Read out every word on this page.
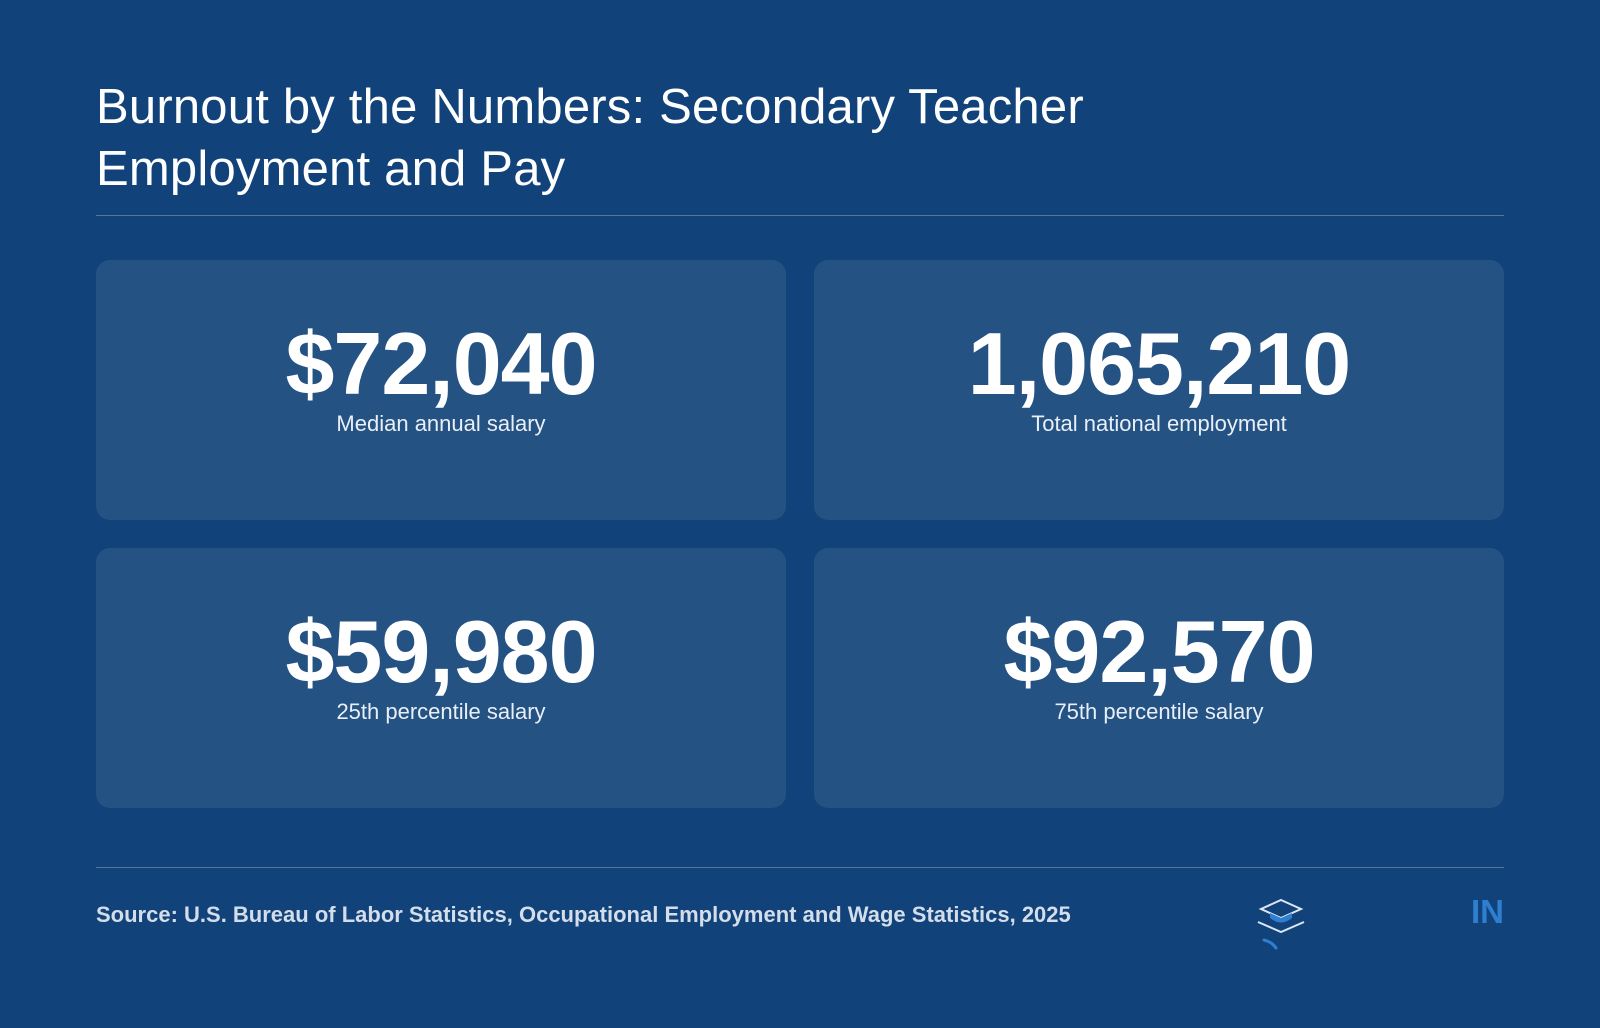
Burnout by the Numbers: Secondary Teacher Employment and Pay
$72,040
Median annual salary
1,065,210
Total national employment
$59,980
25th percentile salary
$92,570
75th percentile salary
Source: U.S. Bureau of Labor Statistics, Occupational Employment and Wage Statistics, 2025	IN
